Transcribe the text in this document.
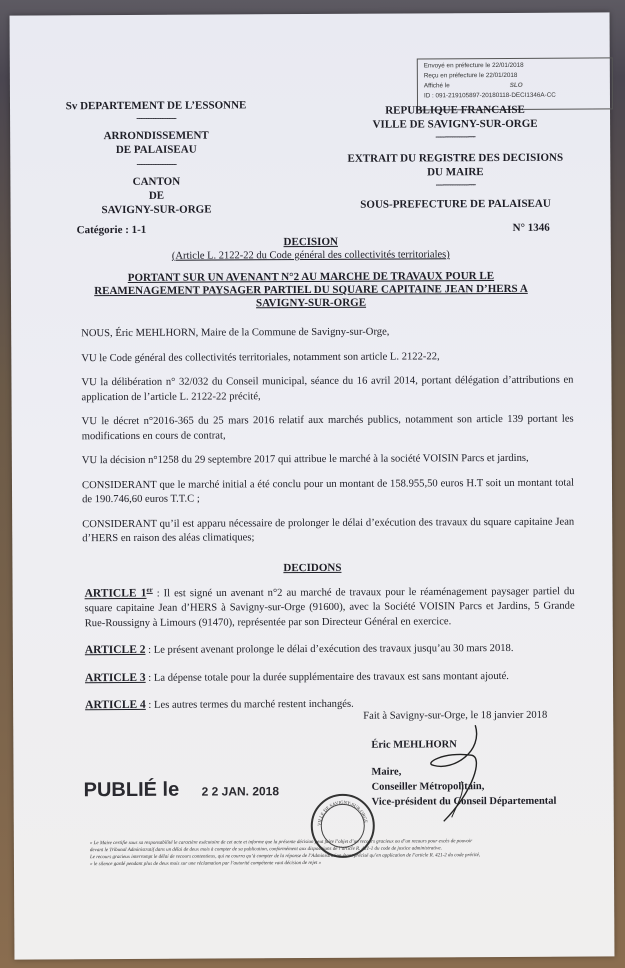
Envoyé en préfecture le 22/01/2018
Reçu en préfecture le 22/01/2018
Affiché le	SLO
ID : 091-219105897-20180118-DECI1346A-CC
Sv DEPARTEMENT DE L’ESSONNE
-----------------
ARRONDISSEMENT
DE PALAISEAU
-----------------
CANTON
DE
SAVIGNY-SUR-ORGE
REPUBLIQUE FRANCAISE
VILLE DE SAVIGNY-SUR-ORGE
-----------------
EXTRAIT DU REGISTRE DES DECISIONS
DU MAIRE
-----------------
SOUS-PREFECTURE DE PALAISEAU
Catégorie : 1-1	N° 1346
DECISION
(Article L. 2122-22 du Code général des collectivités territoriales)
PORTANT SUR UN AVENANT N°2 AU MARCHE DE TRAVAUX POUR LE
REAMENAGEMENT PAYSAGER PARTIEL DU SQUARE CAPITAINE JEAN D’HERS A
SAVIGNY-SUR-ORGE

NOUS, Éric MEHLHORN, Maire de la Commune de Savigny-sur-Orge,

VU le Code général des collectivités territoriales, notamment son article L. 2122-22,

VU la délibération n° 32/032 du Conseil municipal, séance du 16 avril 2014, portant délégation d’attributions en application de l’article L. 2122-22 précité,

VU le décret n°2016-365 du 25 mars 2016 relatif aux marchés publics, notamment son article 139 portant les modifications en cours de contrat,

VU la décision n°1258 du 29 septembre 2017 qui attribue le marché à la société VOISIN Parcs et jardins,

CONSIDERANT que le marché initial a été conclu pour un montant de 158.955,50 euros H.T soit un montant total de 190.746,60 euros T.T.C ;

CONSIDERANT qu’il est apparu nécessaire de prolonger le délai d’exécution des travaux du square capitaine Jean d’HERS en raison des aléas climatiques;

DECIDONS

ARTICLE 1er : Il est signé un avenant n°2 au marché de travaux pour le réaménagement paysager partiel du square capitaine Jean d’HERS à Savigny-sur-Orge (91600), avec la Société VOISIN Parcs et Jardins, 5 Grande Rue-Roussigny à Limours (91470), représentée par son Directeur Général en exercice.

ARTICLE 2 : Le présent avenant prolonge le délai d’exécution des travaux jusqu’au 30 mars 2018.

ARTICLE 3 : La dépense totale pour la durée supplémentaire des travaux est sans montant ajouté.

ARTICLE 4 : Les autres termes du marché restent inchangés.

Fait à Savigny-sur-Orge, le 18 janvier 2018
Éric MEHLHORN
Maire,
Conseiller Métropolitain,
Vice-président du Conseil Départemental
PUBLIÉ le 2 2 JAN. 2018
VILLE DE SAVIGNY-SUR-ORGE
« Le Maire certifie sous sa responsabilité le caractère exécutoire de cet acte et informe que la présente décision peut faire l’objet d’un recours gracieux ou d’un recours pour excès de pouvoir
devant le Tribunal Administratif dans un délai de deux mois à compter de sa publication, conformément aux dispositions de l’article R. 421-1 du code de justice administrative.
Le recours gracieux interrompt le délai de recours contentieux, qui ne courra qu’à compter de la réponse de l’Administration étant précisé qu’en application de l’article R. 421-2 du code précité,
« le silence gardé pendant plus de deux mois sur une réclamation par l’autorité compétente vaut décision de rejet »
